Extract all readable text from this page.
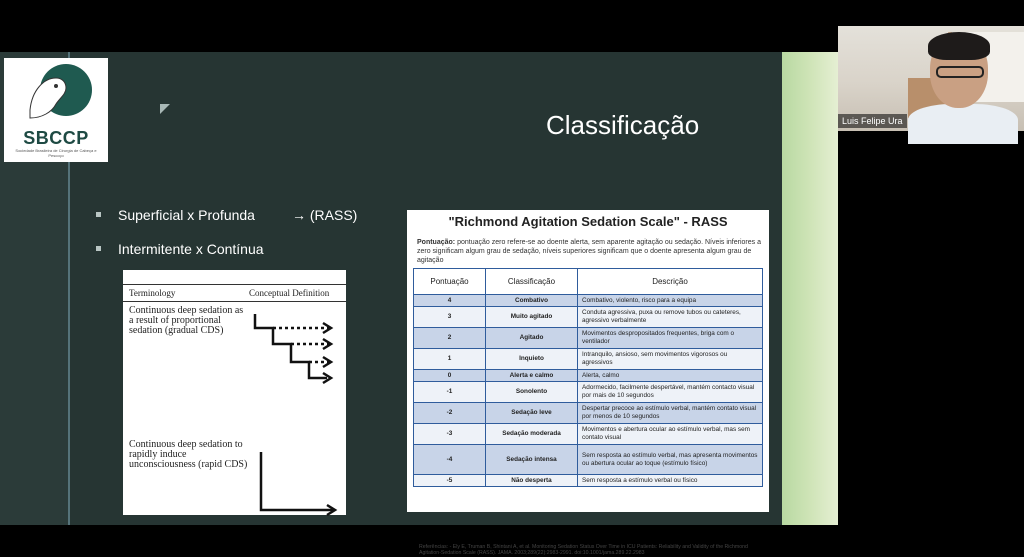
SBCCP
Sociedade Brasileira de Cirurgia de Cabeça e Pescoço
Classificação
Superficial x Profunda	→ (RASS)
Intermitente x Contínua
Terminology	Conceptual Definition
Continuous deep sedation as a result of proportional sedation (gradual CDS)
Continuous deep sedation to rapidly induce unconsciousness (rapid CDS)
"Richmond Agitation Sedation Scale" - RASS
Pontuação: pontuação zero refere-se ao doente alerta, sem aparente agitação ou sedação. Níveis inferiores a zero significam algum grau de sedação, níveis superiores significam que o doente apresenta algum grau de agitação
Pontuação	Classificação	Descrição
4	Combativo	Combativo, violento, risco para a equipa
3	Muito agitado	Conduta agressiva, puxa ou remove tubos ou cateteres, agressivo verbalmente
2	Agitado	Movimentos despropositados frequentes, briga com o ventilador
1	Inquieto	Intranquilo, ansioso, sem movimentos vigorosos ou agressivos
0	Alerta e calmo	Alerta, calmo
-1	Sonolento	Adormecido, facilmente despertável, mantém contacto visual por mais de 10 segundos
-2	Sedação leve	Despertar precoce ao estímulo verbal, mantém contato visual por menos de 10 segundos
-3	Sedação moderada	Movimentos e abertura ocular ao estímulo verbal, mas sem contato visual
-4	Sedação intensa	Sem resposta ao estímulo verbal, mas apresenta movimentos ou abertura ocular ao toque (estímulo físico)
-5	Não desperta	Sem resposta a estímulo verbal ou físico
Referências: - Ely E, Truman B, Shintani A, et al. Monitoring Sedation Status Over Time in ICU Patients: Reliability and Validity of the Richmond Agitation-Sedation Scale (RASS). JAMA. 2003;289(22):2983-2991. doi:10.1001/jama.289.22.2983
Luis Felipe Ura
